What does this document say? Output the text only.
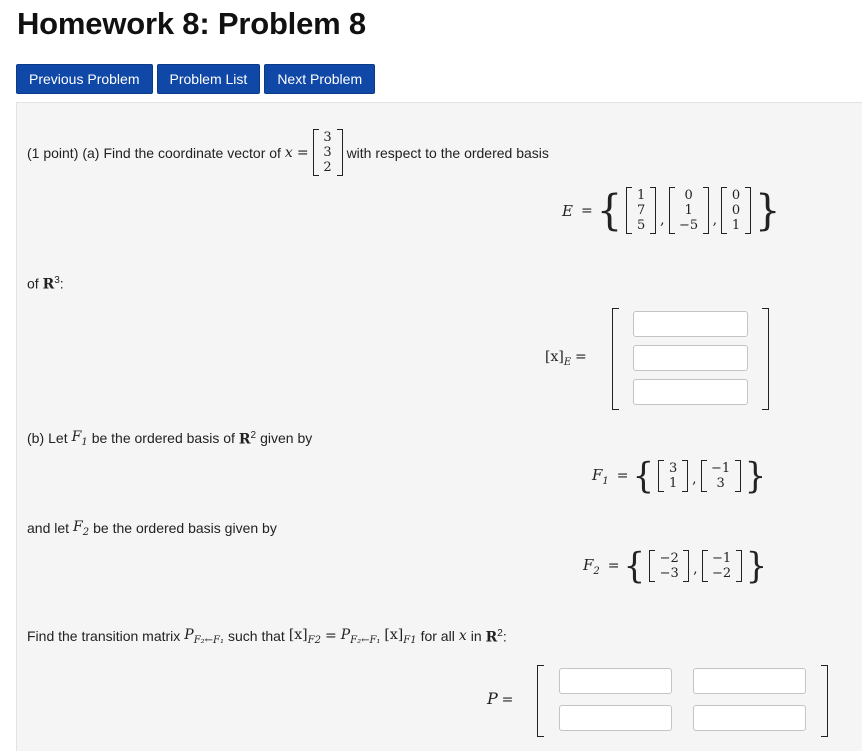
Homework 8: Problem 8
Previous Problem	Problem List	Next Problem
(1 point) (a) Find the coordinate vector of x =
3
3
2
with respect to the ordered basis
E = { 1
7
5 ,
0
1
−5 ,
0
0
1 }
of $R^3$:
$[x]_E$ =
(b) Let $F_1$ be the ordered basis of $R^2$ given by
$F_1$ = { 3
1 ,
−1
3 }
and let $F_2$ be the ordered basis given by
$F_2$ = { −2
−3 ,
−1
−2 }
Find the transition matrix $P_{F_2\leftarrow F_1}$ such that $[x]_{F2} = P_{F_2\leftarrow F_1}$ $[x]_{F1}$ for all x in $R^2$:
P =
